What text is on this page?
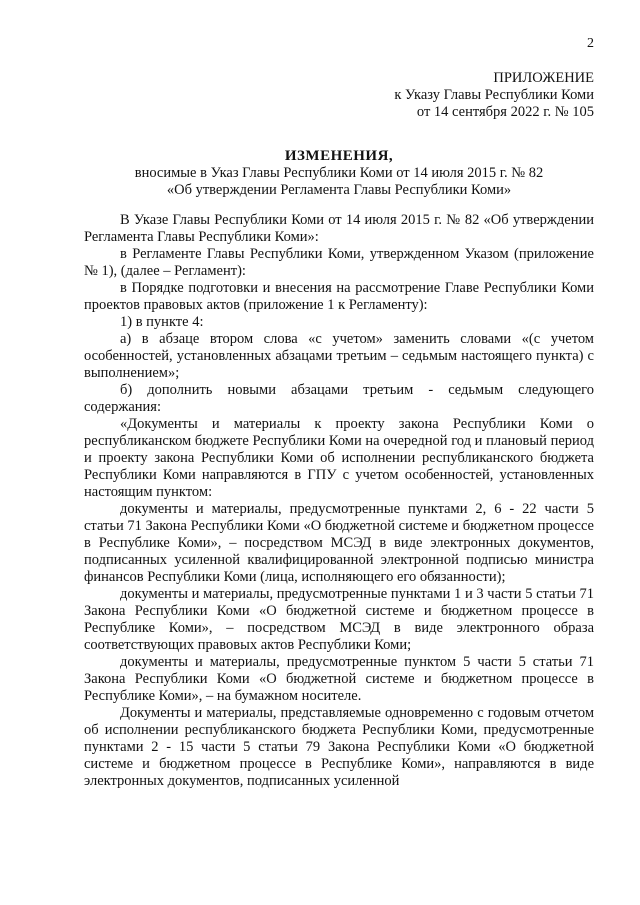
2
ПРИЛОЖЕНИЕ
к Указу Главы Республики Коми
от 14 сентября 2022 г. № 105
ИЗМЕНЕНИЯ,
вносимые в Указ Главы Республики Коми от 14 июля 2015 г. № 82
«Об утверждении Регламента Главы Республики Коми»

В Указе Главы Республики Коми от 14 июля 2015 г. № 82 «Об утверждении Регламента Главы Республики Коми»:

в Регламенте Главы Республики Коми, утвержденном Указом (приложение № 1), (далее – Регламент):

в Порядке подготовки и внесения на рассмотрение Главе Республики Коми проектов правовых актов (приложение 1 к Регламенту):

1) в пункте 4:

а) в абзаце втором слова «с учетом» заменить словами «(с учетом особенностей, установленных абзацами третьим – седьмым настоящего пункта) с выполнением»;

б) дополнить новыми абзацами третьим - седьмым следующего содержания:

«Документы и материалы к проекту закона Республики Коми о республиканском бюджете Республики Коми на очередной год и плановый период и проекту закона Республики Коми об исполнении республиканского бюджета Республики Коми направляются в ГПУ с учетом особенностей, установленных настоящим пунктом:

документы и материалы, предусмотренные пунктами 2, 6 - 22 части 5 статьи 71 Закона Республики Коми «О бюджетной системе и бюджетном процессе в Республике Коми», – посредством МСЭД в виде электронных документов, подписанных усиленной квалифицированной электронной подписью министра финансов Республики Коми (лица, исполняющего его обязанности);

документы и материалы, предусмотренные пунктами 1 и 3 части 5 статьи 71 Закона Республики Коми «О бюджетной системе и бюджетном процессе в Республике Коми», – посредством МСЭД в виде электронного образа соответствующих правовых актов Республики Коми;

документы и материалы, предусмотренные пунктом 5 части 5 статьи 71 Закона Республики Коми «О бюджетной системе и бюджетном процессе в Республике Коми», – на бумажном носителе.

Документы и материалы, представляемые одновременно с годовым отчетом об исполнении республиканского бюджета Республики Коми, предусмотренные пунктами 2 - 15 части 5 статьи 79 Закона Республики Коми «О бюджетной системе и бюджетном процессе в Республике Коми», направляются в виде электронных документов, подписанных усиленной
